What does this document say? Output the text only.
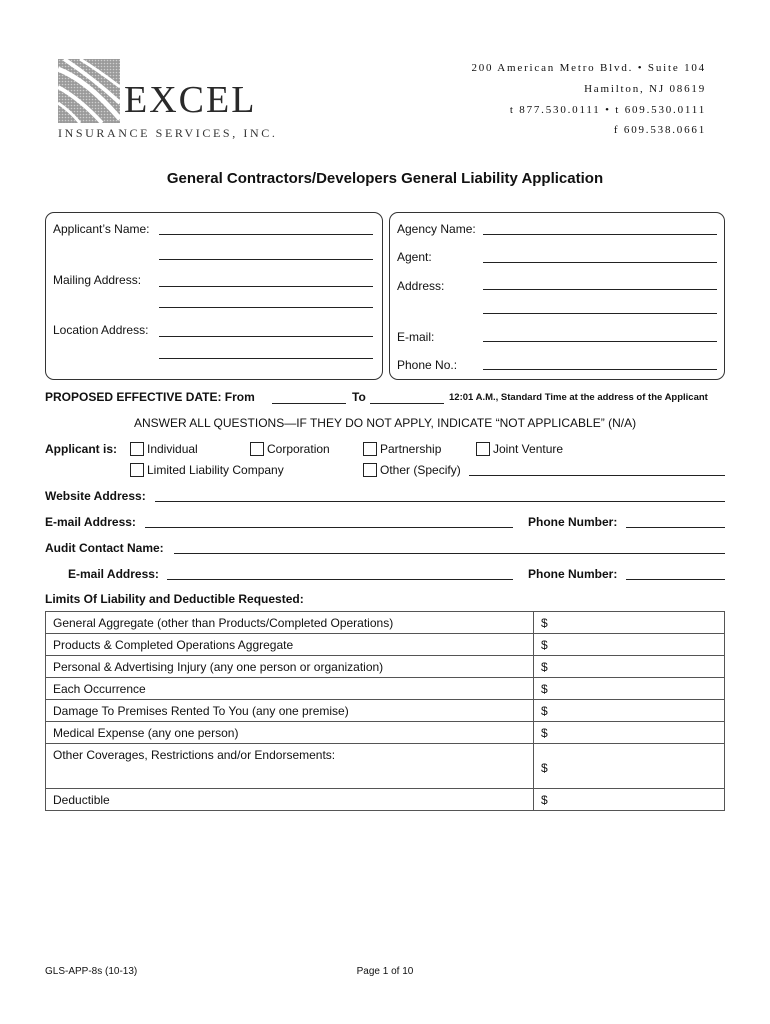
EXCEL
INSURANCE SERVICES, INC.
200 American Metro Blvd. • Suite 104
Hamilton, NJ 08619
t 877.530.0111 • t 609.530.0111
f 609.538.0661
General Contractors/Developers General Liability Application
Applicant’s Name:
Mailing Address:
Location Address:
Agency Name:
Agent:
Address:
E-mail:
Phone No.:
PROPOSED EFFECTIVE DATE: From	To	12:01 A.M., Standard Time at the address of the Applicant
ANSWER ALL QUESTIONS—IF THEY DO NOT APPLY, INDICATE “NOT APPLICABLE” (N/A)
Applicant is: Individual	Corporation	Partnership	Joint Venture
Limited Liability Company	Other (Specify)
Website Address:
E-mail Address:	Phone Number:
Audit Contact Name:
E-mail Address:	Phone Number:
Limits Of Liability and Deductible Requested:
General Aggregate (other than Products/Completed Operations)	$
Products & Completed Operations Aggregate	$
Personal & Advertising Injury (any one person or organization)	$
Each Occurrence	$
Damage To Premises Rented To You (any one premise)	$
Medical Expense (any one person)	$
Other Coverages, Restrictions and/or Endorsements:	$
Deductible	$
GLS-APP-8s (10-13)	Page 1 of 10
